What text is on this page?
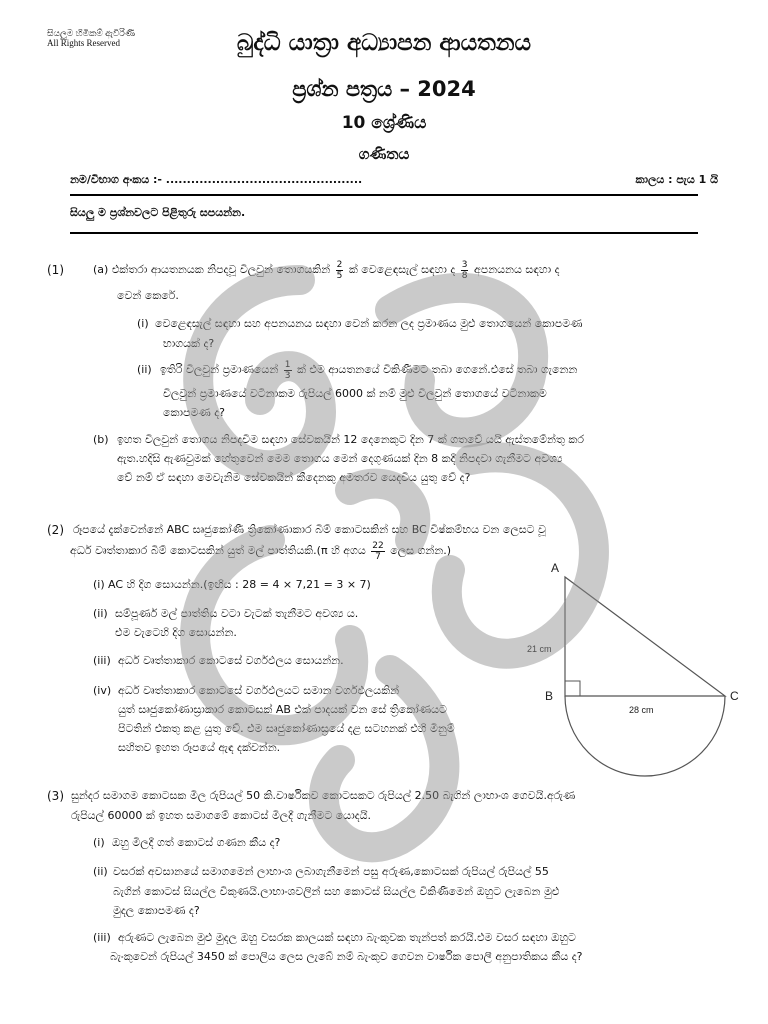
සියලුම හිමිකම් ඇවිරිණි
All Rights Reserved	බුද්ධි යාත්‍රා අධ්‍යාපන ආයතනය
ප්‍රශ්න පත්‍රය – 2024
10 ශ්‍රේණිය
ගණිතය
නම/විභාග අංකය :- ...............................................	කාලය : පැය 1 යි
සියලු ම ප්‍රශ්නවලට පිළිතුරු සපයන්න.
(1)	(a) එක්තරා ආයතනයක නිපදවූ විලවුන් තොගයකින් $\frac{2}{5}$ ක් වෙළෙඳසැල් සඳහා ද $\frac{3}{8}$ අපනයනය සඳහා ද
වෙන් කෙරේ.
(i) වෙළෙඳසැල් සඳහා සහ අපනයනය සඳහා වෙන් කරන ලද ප්‍රමාණය මුළු තොගයෙන් කොපමණ
භාගයක් ද?
(ii) ඉතිරි විලවුන් ප්‍රමාණයෙන් $\frac{1}{3}$ ක් එම ආයතනයේ විකිණීමට තබා ගෙනේ.එසේ තබා ගැනෙන
විලවුන් ප්‍රමාණයේ වටිනාකම රුපියල් 6000 ක් නම් මුළු විලවුන් තොගයේ වටිනාකම
කොපමණ ද?
(b) ඉහත විලවුන් තොගය නිපදවීම සඳහා සේවකයින් 12 දෙනෙකුට දින 7 ක් ගතවේ යයි ඇස්තමේන්තු කර
ඇත.හදිසි ඇණවුමක් හේතුවෙන් මෙම තොගය මෙන් දෙගුණයක් දින 8 කදී නිපදවා ගැනීමට අවශ්‍ය
වේ නම් ඒ සඳහා මෙවැනිම සේවකයින් කීදෙනකු අමතරව යෙදවිය යුතු වේ ද?
(2) රූපයේ දැක්වෙන්නේ ABC සෘජුකෝණී ත්‍රිකෝණාකාර බිම් කොටසකින් සහ BC විෂ්කම්භය වන ලෙසට වූ
අර්ධ වෘත්තාකාර බිම් කොටසකින් යුත් මල් පාත්තියකි.(π හි අගය $\frac{22}{7}$ ලෙස ගන්න.)
(i) AC හි දිග සොයන්න.(ඉඟිය : 28 = 4 × 7,21 = 3 × 7)
(ii) සම්පූර්ණ මල් පාත්තිය වටා වැටක් තැනීමට අවශ්‍ය ය.
එම වැටෙහි දිග සොයන්න.
(iii) අර්ධ වෘත්තාකාර කොටසේ වර්ගඵලය සොයන්න.
(iv) අර්ධ වෘත්තාකාර කොටසේ වර්ගඵලයට සමාන වර්ගඵලයකින්
යුත් සෘජුකෝණාස්‍රාකාර කොටසක් AB එක් පාදයක් වන සේ ත්‍රිකෝණයට
පිටතින් එකතු කළ යුතු වේ. එම සෘජුකෝණාස්‍රයේ දළ සටහනක් එහි මිනුම්
සහිතව ඉහත රූපයේ ඇඳ දක්වන්න.
A
B	C
21 cm
28 cm
(3) සුන්දර සමාගම කොටසක මිල රුපියල් 50 කි.වාර්ෂිකව කොටසකට රුපියල් 2.50 බැගින් ලාභාංශ ගෙවයි.අරුණ
රුපියල් 60000 ක් ඉහත සමාගමේ කොටස් මිලදී ගැනීමට යොදයි.
(i) ඔහු මිලදී ගත් කොටස් ගණන කීය ද?
(ii) වසරක් අවසානයේ සමාගමෙන් ලාභාංශ ලබාගැනීමෙන් පසු අරුණ,කොටසක් රුපියල් රුපියල් 55
බැගින් කොටස් සියල්ල විකුණයි.ලාභාංශවලින් සහ කොටස් සියල්ල විකිණීමෙන් ඔහුට ලැබෙන මුළු
මුදල කොපමණ ද?
(iii) අරුණට ලැබෙන මුළු මුදල ඔහු වසරක කාලයක් සඳහා බැංකුවක තැන්පත් කරයි.එම වසර සඳහා ඔහුට
බැංකුවෙන් රුපියල් 3450 ක් පොලිය ලෙස ලැබේ නම් බැංකුව ගෙවන වාර්ෂික පොලී අනුපාතිකය කීය ද?
